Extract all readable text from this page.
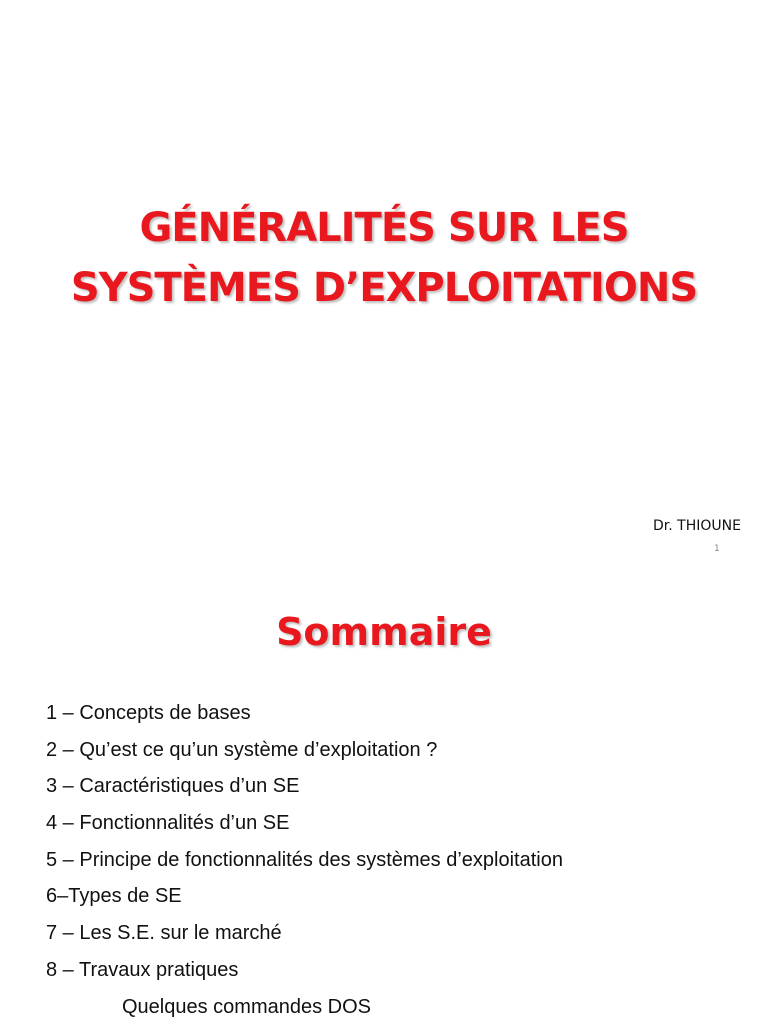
GÉNÉRALITÉS SUR LES
SYSTÈMES D’EXPLOITATIONS
Dr. THIOUNE
1
Sommaire
1 – Concepts de bases
2 – Qu’est ce qu’un système d’exploitation ?
3 – Caractéristiques d’un SE
4 – Fonctionnalités d’un SE
5 – Principe de fonctionnalités des systèmes d’exploitation
6–Types de SE
7 – Les S.E. sur le marché
8 – Travaux pratiques
Quelques commandes DOS
